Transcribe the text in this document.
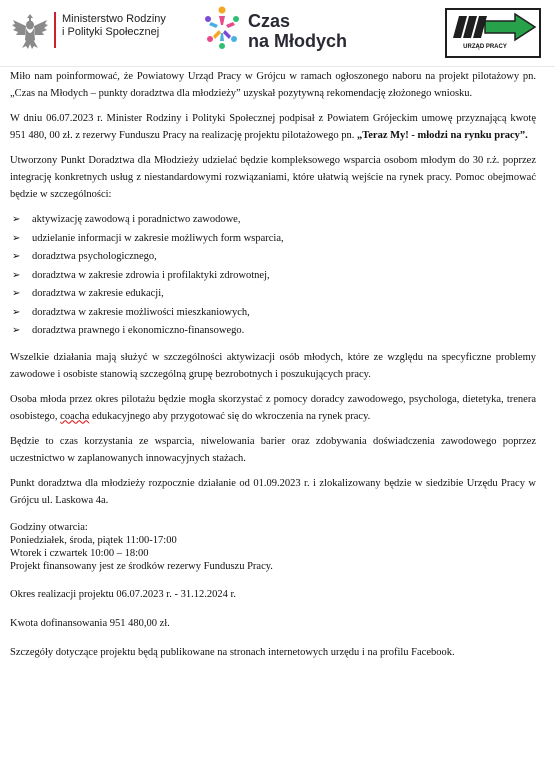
Ministerstwo Rodziny
i Polityki Społecznej
Czas
na Młodych	URZĄD PRACY

Miło nam poinformować, że Powiatowy Urząd Pracy w Grójcu w ramach ogłoszonego naboru na projekt pilotażowy pn. „Czas na Młodych – punkty doradztwa dla młodzieży” uzyskał pozytywną rekomendację złożonego wniosku.

W dniu 06.07.2023 r. Minister Rodziny i Polityki Społecznej podpisał z Powiatem Grójeckim umowę przyznającą kwotę 951 480, 00 zł. z rezerwy Funduszu Pracy na realizację projektu pilotażowego pn. „Teraz My! - młodzi na rynku pracy”.

Utworzony Punkt Doradztwa dla Młodzieży udzielać będzie kompleksowego wsparcia osobom młodym do 30 r.ż. poprzez integrację konkretnych usług z niestandardowymi rozwiązaniami, które ułatwią wejście na rynek pracy. Pomoc obejmować będzie w szczególności:

➢ aktywizację zawodową i poradnictwo zawodowe,
➢ udzielanie informacji w zakresie możliwych form wsparcia,
➢ doradztwa psychologicznego,
➢ doradztwa w zakresie zdrowia i profilaktyki zdrowotnej,
➢ doradztwa w zakresie edukacji,
➢ doradztwa w zakresie możliwości mieszkaniowych,
➢ doradztwa prawnego i ekonomiczno-finansowego.

Wszelkie działania mają służyć w szczególności aktywizacji osób młodych, które ze względu na specyficzne problemy zawodowe i osobiste stanowią szczególną grupę bezrobotnych i poszukujących pracy.

Osoba młoda przez okres pilotażu będzie mogła skorzystać z pomocy doradcy zawodowego, psychologa, dietetyka, trenera osobistego, coacha edukacyjnego aby przygotować się do wkroczenia na rynek pracy.

Będzie to czas korzystania ze wsparcia, niwelowania barier oraz zdobywania doświadczenia zawodowego poprzez uczestnictwo w zaplanowanych innowacyjnych stażach.

Punkt doradztwa dla młodzieży rozpocznie działanie od 01.09.2023 r. i zlokalizowany będzie w siedzibie Urzędu Pracy w Grójcu ul. Laskowa 4a.

Godziny otwarcia:
Poniedziałek, środa, piątek 11:00-17:00
Wtorek i czwartek 10:00 – 18:00
Projekt finansowany jest ze środków rezerwy Funduszu Pracy.

Okres realizacji projektu 06.07.2023 r. - 31.12.2024 r.

Kwota dofinansowania 951 480,00 zł.

Szczegóły dotyczące projektu będą publikowane na stronach internetowych urzędu i na profilu Facebook.
